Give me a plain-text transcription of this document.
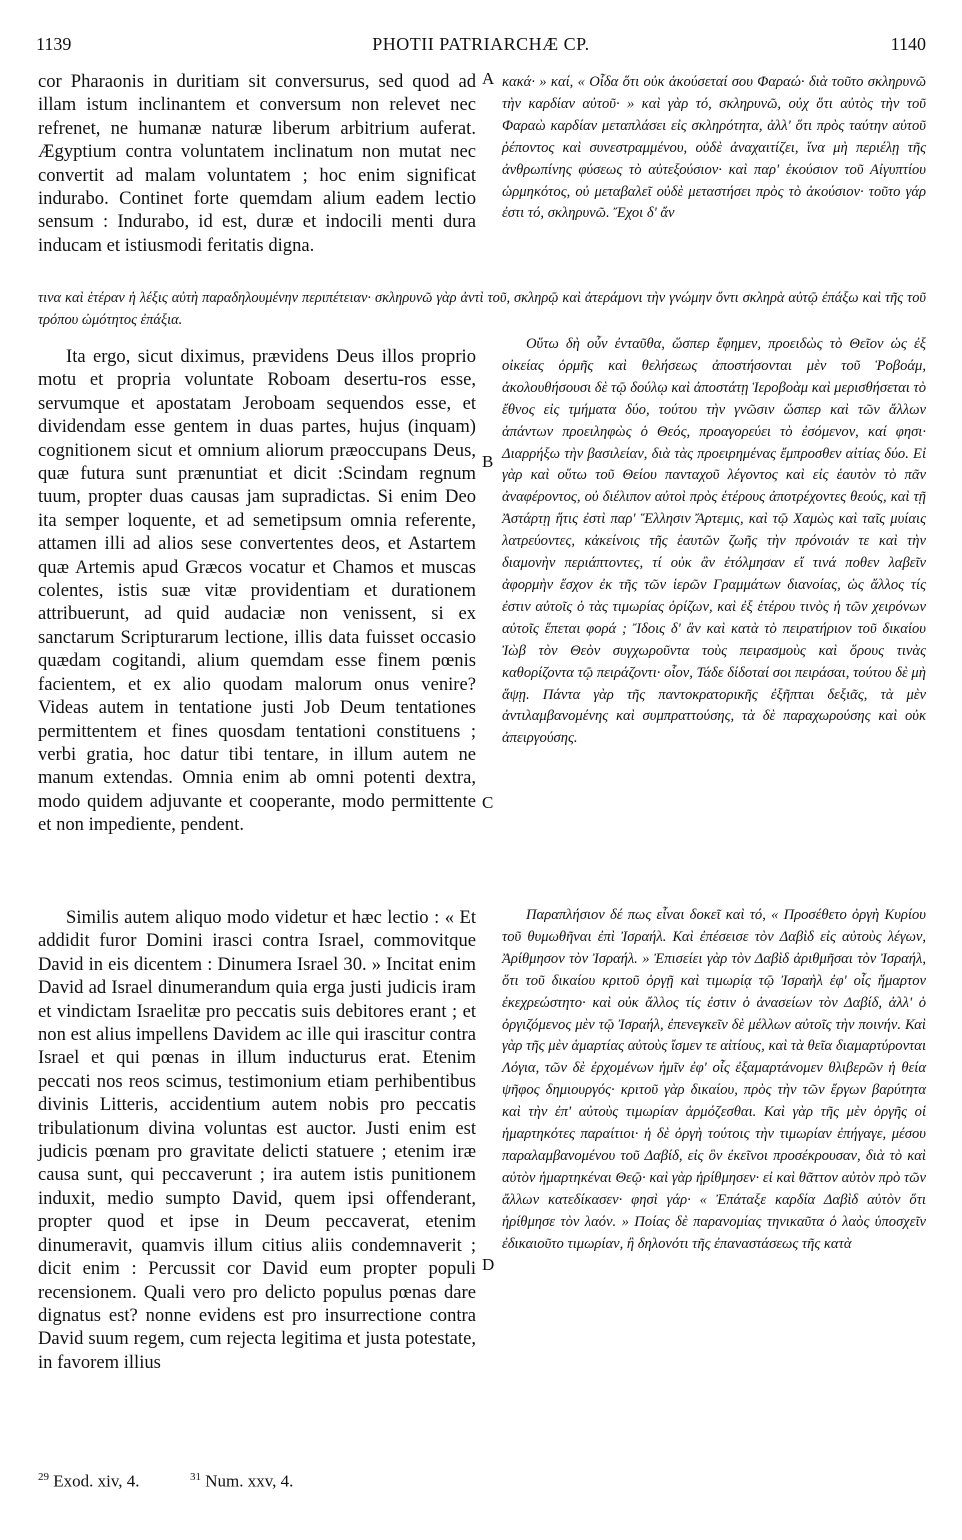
1139	PHOTII PATRIARCHÆ CP.	1140

cor Pharaonis in duritiam sit conversurus, sed quod ad illam istum inclinantem et conversum non relevet nec refrenet, ne humanæ naturæ liberum arbitrium auferat. Ægyptium contra voluntatem inclinatum non mutat nec convertit ad malam voluntatem ; hoc enim significat indurabo. Continet forte quemdam alium eadem lectio sensum : Indurabo, id est, duræ et indocili menti dura inducam et istiusmodi feritatis digna.

κακά· » καί, « Οἶδα ὅτι οὐκ ἀκούσεταί σου Φαραώ· διὰ τοῦτο σκληρυνῶ τὴν καρδίαν αὐτοῦ· » καὶ γὰρ τό, σκληρυνῶ, οὐχ ὅτι αὐτὸς τὴν τοῦ Φαραὼ καρδίαν μεταπλάσει εἰς σκληρότητα, ἀλλ' ὅτι πρὸς ταύτην αὐτοῦ ῥέποντος καὶ συνεστραμμένου, οὐδὲ ἀναχαιτίζει, ἵνα μὴ περιέλῃ τῆς ἀνθρωπίνης φύσεως τὸ αὐτεξούσιον· καὶ παρ' ἑκούσιον τοῦ Αἰγυπτίου ὡρμηκότος, οὐ μεταβαλεῖ οὐδὲ μεταστήσει πρὸς τὸ ἀκούσιον· τοῦτο γάρ ἐστι τό, σκληρυνῶ. Ἔχοι δ' ἄν

τινα καὶ ἑτέραν ἡ λέξις αὐτὴ παραδηλουμένην περιπέτειαν· σκληρυνῶ γὰρ ἀντὶ τοῦ, σκληρῷ καὶ ἀτεράμονι τὴν γνώμην ὄντι σκληρὰ αὐτῷ ἐπάξω καὶ τῆς τοῦ τρόπου ὠμότητος ἐπάξια.

Ita ergo, sicut diximus, prævidens Deus illos proprio motu et propria voluntate Roboam desertu-ros esse, servumque et apostatam Jeroboam sequendos esse, et dividendam esse gentem in duas partes, hujus (inquam) cognitionem sicut et omnium aliorum præoccupans Deus, quæ futura sunt prænuntiat et dicit :Scindam regnum tuum, propter duas causas jam supradictas. Si enim Deo ita semper loquente, et ad semetipsum omnia referente, attamen illi ad alios sese convertentes deos, et Astartem quæ Artemis apud Græcos vocatur et Chamos et muscas colentes, istis suæ vitæ providentiam et durationem attribuerunt, ad quid audaciæ non venissent, si ex sanctarum Scripturarum lectione, illis data fuisset occasio quædam cogitandi, alium quemdam esse finem pœnis facientem, et ex alio quodam malorum onus venire? Videas autem in tentatione justi Job Deum tentationes permittentem et fines quosdam tentationi constituens ; verbi gratia, hoc datur tibi tentare, in illum autem ne manum extendas. Omnia enim ab omni potenti dextra, modo quidem adjuvante et cooperante, modo permittente et non impediente, pendent.

Οὕτω δὴ οὖν ἐνταῦθα, ὥσπερ ἔφημεν, προειδὼς τὸ Θεῖον ὡς ἐξ οἰκείας ὁρμῆς καὶ θελήσεως ἀποστήσονται μὲν τοῦ Ῥοβοάμ, ἀκολουθήσουσι δὲ τῷ δούλῳ καὶ ἀποστάτῃ Ἱεροβοὰμ καὶ μερισθήσεται τὸ ἔθνος εἰς τμήματα δύο, τούτου τὴν γνῶσιν ὥσπερ καὶ τῶν ἄλλων ἁπάντων προειληφὼς ὁ Θεός, προαγορεύει τὸ ἐσόμενον, καί φησι· Διαρρήξω τὴν βασιλείαν, διὰ τὰς προειρημένας ἔμπροσθεν αἰτίας δύο. Εἰ γὰρ καὶ οὕτω τοῦ Θείου πανταχοῦ λέγοντος καὶ εἰς ἑαυτὸν τὸ πᾶν ἀναφέροντος, οὐ διέλιπον αὐτοὶ πρὸς ἑτέρους ἀποτρέχοντες θεούς, καὶ τῇ Ἀστάρτῃ ἥτις ἐστὶ παρ' Ἕλλησιν Ἄρτεμις, καὶ τῷ Χαμὼς καὶ ταῖς μυίαις λατρεύοντες, κἀκείνοις τῆς ἑαυτῶν ζωῆς τὴν πρόνοιάν τε καὶ τὴν διαμονὴν περιάπτοντες, τί οὐκ ἂν ἐτόλμησαν εἴ τινά ποθεν λαβεῖν ἀφορμὴν ἔσχον ἐκ τῆς τῶν ἱερῶν Γραμμάτων διανοίας, ὡς ἄλλος τίς ἐστιν αὐτοῖς ὁ τὰς τιμωρίας ὁρίζων, καὶ ἐξ ἑτέρου τινὸς ἡ τῶν χειρόνων αὐτοῖς ἕπεται φορά ; Ἴδοις δ' ἂν καὶ κατὰ τὸ πειρατήριον τοῦ δικαίου Ἰὼβ τὸν Θεὸν συγχωροῦντα τοὺς πειρασμοὺς καὶ ὅρους τινὰς καθορίζοντα τῷ πειράζοντι· οἷον, Τάδε δίδοταί σοι πειράσαι, τούτου δὲ μὴ ἅψῃ. Πάντα γὰρ τῆς παντοκρατορικῆς ἐξῆπται δεξιᾶς, τὰ μὲν ἀντιλαμβανομένης καὶ συμπραττούσης, τὰ δὲ παραχωρούσης καὶ οὐκ ἀπειργούσης.

Similis autem aliquo modo videtur et hæc lectio : « Et addidit furor Domini irasci contra Israel, commovitque David in eis dicentem : Dinumera Israel 30. » Incitat enim David ad Israel dinumerandum quia erga justi judicis iram et vindictam Israelitæ pro peccatis suis debitores erant ; et non est alius impellens Davidem ac ille qui irascitur contra Israel et qui pœnas in illum inducturus erat. Etenim peccati nos reos scimus, testimonium etiam perhibentibus divinis Litteris, accidentium autem nobis pro peccatis tribulationum divina voluntas est auctor. Justi enim est judicis pœnam pro gravitate delicti statuere ; etenim iræ causa sunt, qui peccaverunt ; ira autem istis punitionem induxit, medio sumpto David, quem ipsi offenderant, propter quod et ipse in Deum peccaverat, etenim dinumeravit, quamvis illum citius aliis condemnaverit ; dicit enim : Percussit cor David eum propter populi recensionem. Quali vero pro delicto populus pœnas dare dignatus est? nonne evidens est pro insurrectione contra David suum regem, cum rejecta legitima et justa potestate, in favorem illius

Παραπλήσιον δέ πως εἶναι δοκεῖ καὶ τό, « Προσέθετο ὀργὴ Κυρίου τοῦ θυμωθῆναι ἐπὶ Ἰσραήλ. Καὶ ἐπέσεισε τὸν Δαβὶδ εἰς αὐτοὺς λέγων, Ἀρίθμησον τὸν Ἰσραήλ. » Ἐπισείει γὰρ τὸν Δαβὶδ ἀριθμῆσαι τὸν Ἰσραήλ, ὅτι τοῦ δικαίου κριτοῦ ὀργῇ καὶ τιμωρίᾳ τῷ Ἰσραὴλ ἐφ' οἷς ἥμαρτον ἐκεχρεώστητο· καὶ οὐκ ἄλλος τίς ἐστιν ὁ ἀνασείων τὸν Δαβίδ, ἀλλ' ὁ ὀργιζόμενος μὲν τῷ Ἰσραήλ, ἐπενεγκεῖν δὲ μέλλων αὐτοῖς τὴν ποινήν. Καὶ γὰρ τῆς μὲν ἁμαρτίας αὐτοὺς ἴσμεν τε αἰτίους, καὶ τὰ θεῖα διαμαρτύρονται Λόγια, τῶν δὲ ἐρχομένων ἡμῖν ἐφ' οἷς ἐξαμαρτάνομεν θλιβερῶν ἡ θεία ψῆφος δημιουργός· κριτοῦ γὰρ δικαίου, πρὸς τὴν τῶν ἔργων βαρύτητα καὶ τὴν ἐπ' αὐτοὺς τιμωρίαν ἁρμόζεσθαι. Καὶ γὰρ τῆς μὲν ὀργῆς οἱ ἡμαρτηκότες παραίτιοι· ἡ δὲ ὀργὴ τούτοις τὴν τιμωρίαν ἐπήγαγε, μέσου παραλαμβανομένου τοῦ Δαβίδ, εἰς ὃν ἐκεῖνοι προσέκρουσαν, διὰ τὸ καὶ αὐτὸν ἡμαρτηκέναι Θεῷ· καὶ γὰρ ἠρίθμησεν· εἰ καὶ θᾶττον αὐτὸν πρὸ τῶν ἄλλων κατεδίκασεν· φησὶ γάρ· « Ἐπάταξε καρδία Δαβὶδ αὐτὸν ὅτι ἠρίθμησε τὸν λαόν. » Ποίας δὲ παρανομίας τηνικαῦτα ὁ λαὸς ὑποσχεῖν ἐδικαιοῦτο τιμωρίαν, ἢ δηλονότι τῆς ἐπαναστάσεως τῆς κατὰ

A
B
C
D
$^{29}$ Exod. xiv, 4.	$^{31}$ Num. xxv, 4.
